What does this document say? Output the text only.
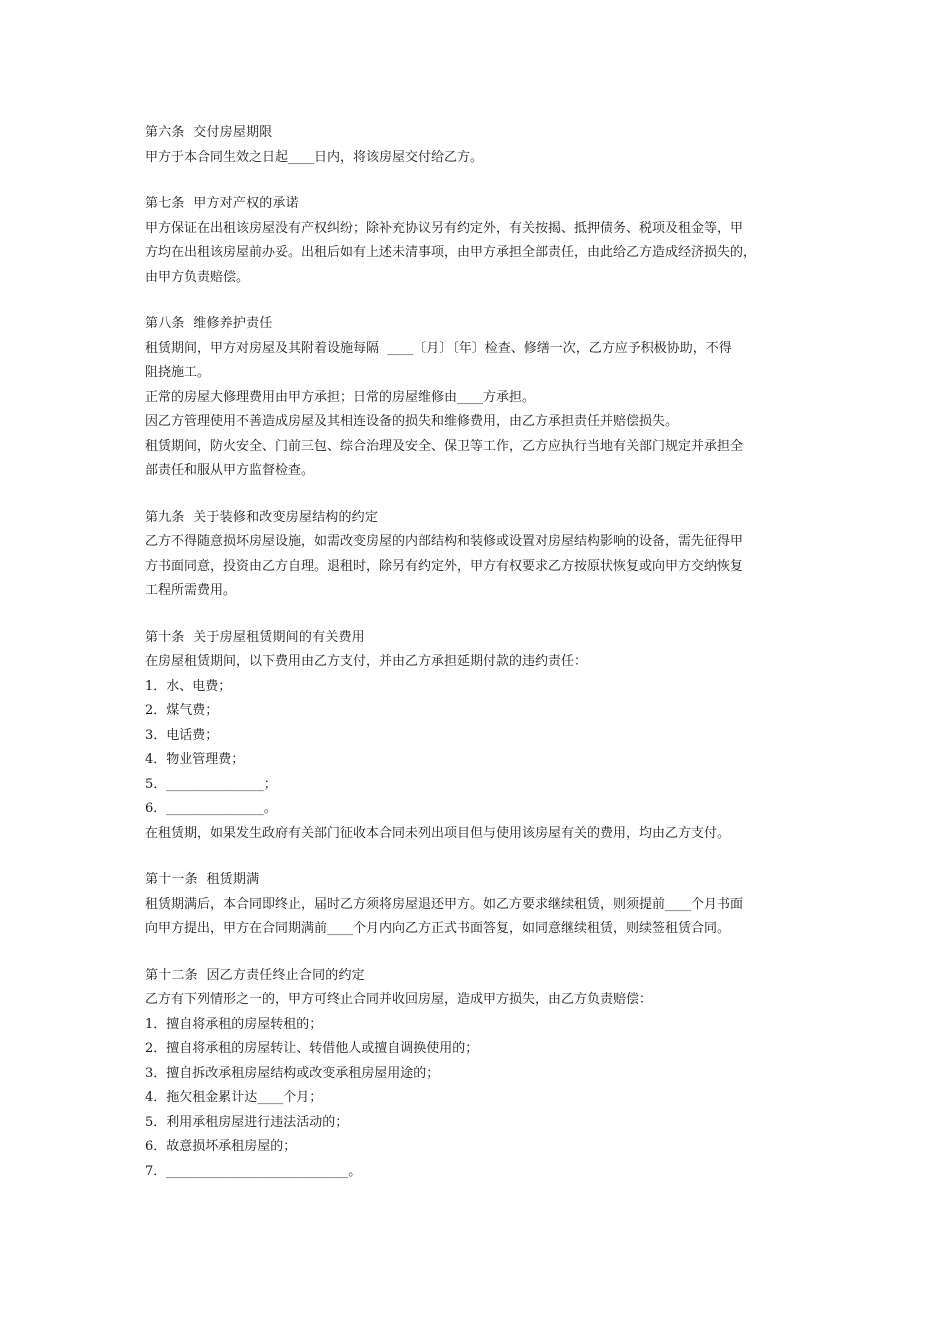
第六条  交付房屋期限

甲方于本合同生效之日起____日内，将该房屋交付给乙方。

第七条  甲方对产权的承诺

甲方保证在出租该房屋没有产权纠纷；除补充协议另有约定外，有关按揭、抵押债务、税项及租金等，甲

方均在出租该房屋前办妥。出租后如有上述未清事项，由甲方承担全部责任，由此给乙方造成经济损失的，

由甲方负责赔偿。

第八条  维修养护责任

租赁期间，甲方对房屋及其附着设施每隔  ____〔月〕〔年〕检查、修缮一次，乙方应予积极协助，不得

阻挠施工。

正常的房屋大修理费用由甲方承担；日常的房屋维修由____方承担。

因乙方管理使用不善造成房屋及其相连设备的损失和维修费用，由乙方承担责任并赔偿损失。

租赁期间，防火安全、门前三包、综合治理及安全、保卫等工作，乙方应执行当地有关部门规定并承担全

部责任和服从甲方监督检查。

第九条  关于装修和改变房屋结构的约定

乙方不得随意损坏房屋设施，如需改变房屋的内部结构和装修或设置对房屋结构影响的设备，需先征得甲

方书面同意，投资由乙方自理。退租时，除另有约定外，甲方有权要求乙方按原状恢复或向甲方交纳恢复

工程所需费用。

第十条  关于房屋租赁期间的有关费用

在房屋租赁期间，以下费用由乙方支付，并由乙方承担延期付款的违约责任：

1．水、电费；

2．煤气费；

3．电话费；

4．物业管理费；

5．_______________；

6．_______________。

在租赁期，如果发生政府有关部门征收本合同未列出项目但与使用该房屋有关的费用，均由乙方支付。

第十一条  租赁期满

租赁期满后，本合同即终止，届时乙方须将房屋退还甲方。如乙方要求继续租赁，则须提前____个月书面

向甲方提出，甲方在合同期满前____个月内向乙方正式书面答复，如同意继续租赁，则续签租赁合同。

第十二条  因乙方责任终止合同的约定

乙方有下列情形之一的，甲方可终止合同并收回房屋，造成甲方损失，由乙方负责赔偿：

1．擅自将承租的房屋转租的；

2．擅自将承租的房屋转让、转借他人或擅自调换使用的；

3．擅自拆改承租房屋结构或改变承租房屋用途的；

4．拖欠租金累计达____个月；

5．利用承租房屋进行违法活动的；

6．故意损坏承租房屋的；

7．____________________________。
